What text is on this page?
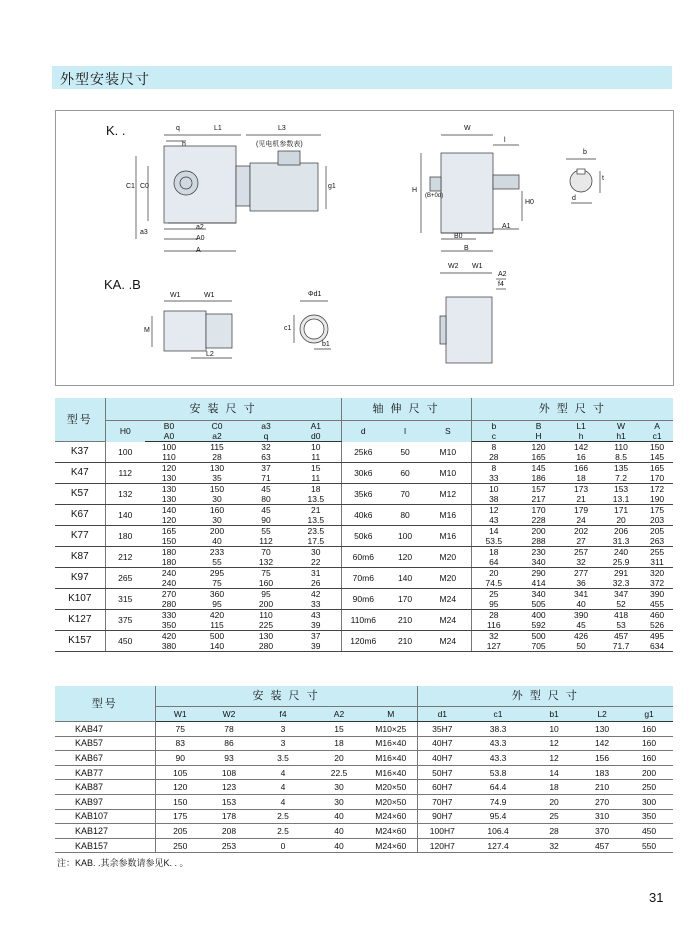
外型安装尺寸
K. .
KA. .B
(见电机参数表)
q
h
L1	L3
C1 C0
a3
a2
A0
A
g1
W
l
H
(B+0d)
B0
B
A1
H0
b
t
d
W1	W1
M
L2
Φd1
c1
b1
W2 W1
A2
f4
型号	安 装 尺 寸					轴 伸 尺 寸			外 型 尺 寸				
	H0	B0	C0	a3	A1	d	l	S	b	B	L1	W	A
		A0	a2	q	d0				c	H	h	h1	c1
K37	100	100	115	32	10	25k6	50	M10	8	120	142	110	150
		110	28	63	11				28	165	16	8.5	145
K47	112	120	130	37	15	30k6	60	M10	8	145	166	135	165
		130	35	71	11				33	186	18	7.2	170
K57	132	130	150	45	18	35k6	70	M12	10	157	173	153	172
		130	30	80	13.5				38	217	21	13.1	190
K67	140	140	160	45	21	40k6	80	M16	12	170	179	171	175
		120	30	90	13.5				43	228	24	20	203
K77	180	165	200	55	23.5	50k6	100	M16	14	200	202	206	205
		150	40	112	17.5				53.5	288	27	31.3	263
K87	212	180	233	70	30	60m6	120	M20	18	230	257	240	255
		180	55	132	22				64	340	32	25.9	311
K97	265	240	295	75	31	70m6	140	M20	20	290	277	291	320
		240	75	160	26				74.5	414	36	32.3	372
K107	315	270	360	95	42	90m6	170	M24	25	340	341	347	390
		280	95	200	33				95	505	40	52	455
K127	375	330	420	110	43	110m6	210	M24	28	400	390	418	460
		350	115	225	39				116	592	45	53	526
K157	450	420	500	130	37	120m6	210	M24	32	500	426	457	495
		380	140	280	39				127	705	50	71.7	634
型号	安 装 尺 寸					外 型 尺 寸				
	W1	W2	f4	A2	M	d1	c1	b1	L2	g1
KAB47	75	78	3	15	M10×25	35H7	38.3	10	130	160
KAB57	83	86	3	18	M16×40	40H7	43.3	12	142	160
KAB67	90	93	3.5	20	M16×40	40H7	43.3	12	156	160
KAB77	105	108	4	22.5	M16×40	50H7	53.8	14	183	200
KAB87	120	123	4	30	M20×50	60H7	64.4	18	210	250
KAB97	150	153	4	30	M20×50	70H7	74.9	20	270	300
KAB107	175	178	2.5	40	M24×60	90H7	95.4	25	310	350
KAB127	205	208	2.5	40	M24×60	100H7	106.4	28	370	450
KAB157	250	253	0	40	M24×60	120H7	127.4	32	457	550
注：KAB. .其余参数请参见K. . 。
31
